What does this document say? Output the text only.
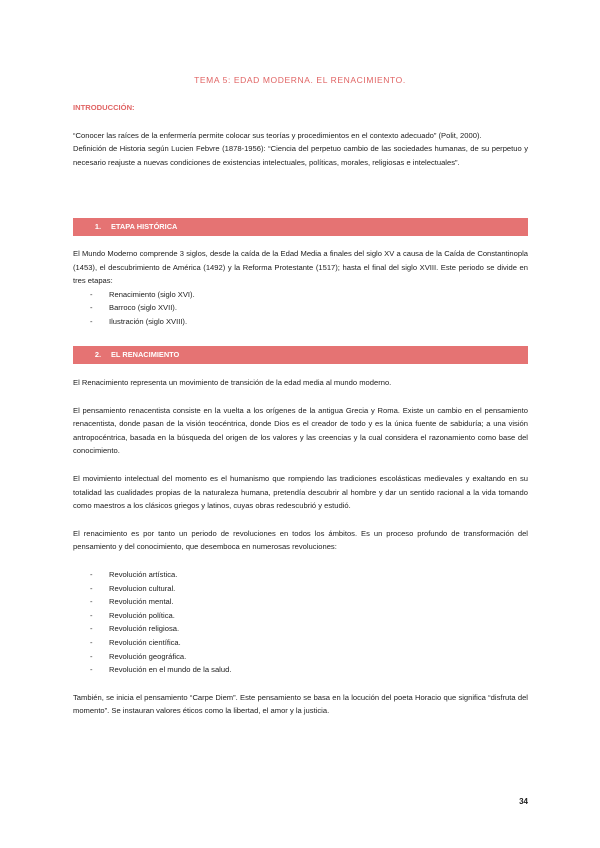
TEMA 5: EDAD MODERNA. EL RENACIMIENTO.
INTRODUCCIÓN:

“Conocer las raíces de la enfermería permite colocar sus teorías y procedimientos en el contexto adecuado” (Polit, 2000).

Definición de Historia según Lucien Febvre (1878-1956): “Ciencia del perpetuo cambio de las sociedades humanas, de su perpetuo y necesario reajuste a nuevas condiciones de existencias intelectuales, políticas, morales, religiosas e intelectuales”.

1. ETAPA HISTÓRICA

El Mundo Moderno comprende 3 siglos, desde la caída de la Edad Media a finales del siglo XV a causa de la Caída de Constantinopla (1453), el descubrimiento de América (1492) y la Reforma Protestante (1517); hasta el final del siglo XVIII. Este periodo se divide en tres etapas:

- Renacimiento (siglo XVI).
- Barroco (siglo XVII).
- Ilustración (siglo XVIII).
2. EL RENACIMIENTO

El Renacimiento representa un movimiento de transición de la edad media al mundo moderno.

El pensamiento renacentista consiste en la vuelta a los orígenes de la antigua Grecia y Roma. Existe un cambio en el pensamiento renacentista, donde pasan de la visión teocéntrica, donde Dios es el creador de todo y es la única fuente de sabiduría; a una visión antropocéntrica, basada en la búsqueda del origen de los valores y las creencias y la cual considera el razonamiento como base del conocimiento.

El movimiento intelectual del momento es el humanismo que rompiendo las tradiciones escolásticas medievales y exaltando en su totalidad las cualidades propias de la naturaleza humana, pretendía descubrir al hombre y dar un sentido racional a la vida tomando como maestros a los clásicos griegos y latinos, cuyas obras redescubrió y estudió.

El renacimiento es por tanto un periodo de revoluciones en todos los ámbitos. Es un proceso profundo de transformación del pensamiento y del conocimiento, que desemboca en numerosas revoluciones:

- Revolución artística.
- Revolucion cultural.
- Revolución mental.
- Revolución política.
- Revolución religiosa.
- Revolución científica.
- Revolución geográfica.
- Revolución en el mundo de la salud.

También, se inicia el pensamiento “Carpe Diem”. Este pensamiento se basa en la locución del poeta Horacio que significa “disfruta del momento”. Se instauran valores éticos como la libertad, el amor y la justicia.

34
